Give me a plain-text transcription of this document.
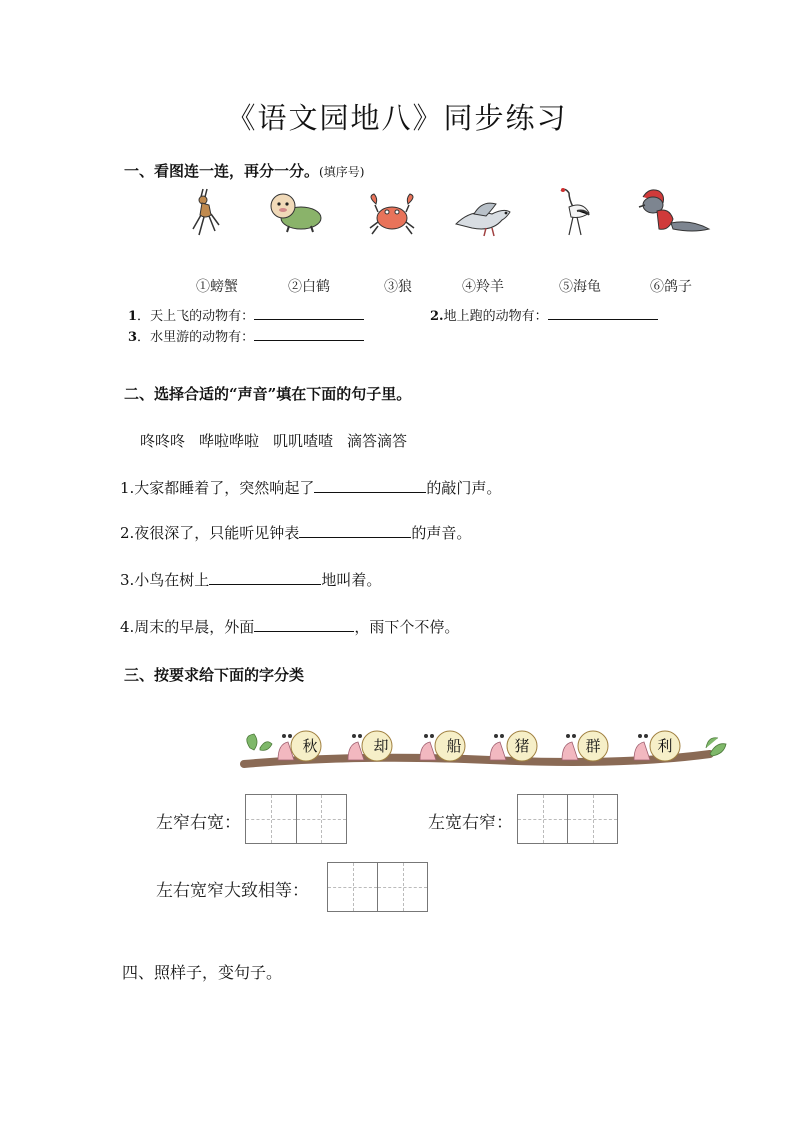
《语文园地八》同步练习
一、看图连一连，再分一分。(填序号)
①螃蟹	②白鹤	③狼	④羚羊	⑤海龟	⑥鸽子
1．天上飞的动物有：	2.地上跑的动物有：
3．水里游的动物有：
二、选择合适的“声音”填在下面的句子里。
咚咚咚 哗啦哗啦 叽叽喳喳 滴答滴答
1.大家都睡着了，突然响起了	的敲门声。
2.夜很深了，只能听见钟表	的声音。
3.小鸟在树上	地叫着。
4.周末的早晨，外面	，雨下个不停。
三、按要求给下面的字分类
秋	却	船	猪	群	利
左窄右宽：	左宽右窄：
左右宽窄大致相等：
四、照样子，变句子。
